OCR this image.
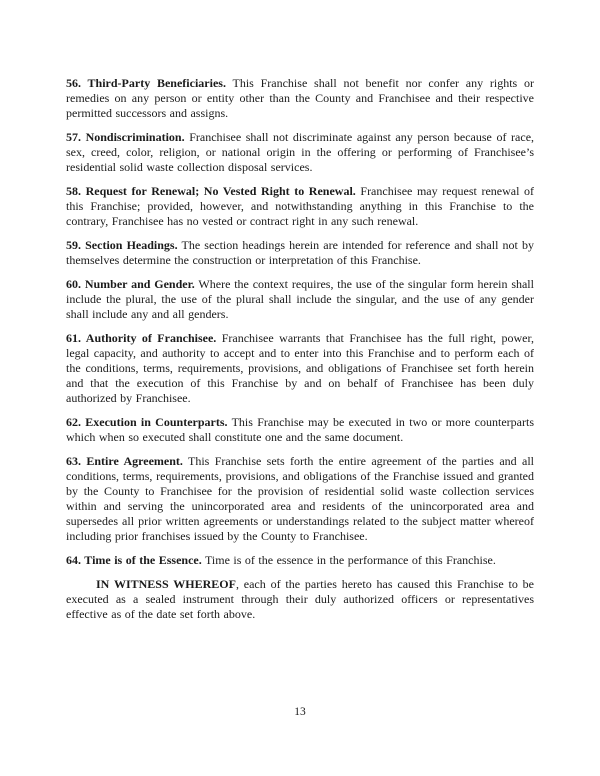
56. Third-Party Beneficiaries. This Franchise shall not benefit nor confer any rights or remedies on any person or entity other than the County and Franchisee and their respective permitted successors and assigns.

57. Nondiscrimination. Franchisee shall not discriminate against any person because of race, sex, creed, color, religion, or national origin in the offering or performing of Franchisee’s residential solid waste collection disposal services.

58. Request for Renewal; No Vested Right to Renewal. Franchisee may request renewal of this Franchise; provided, however, and notwithstanding anything in this Franchise to the contrary, Franchisee has no vested or contract right in any such renewal.

59. Section Headings. The section headings herein are intended for reference and shall not by themselves determine the construction or interpretation of this Franchise.

60. Number and Gender. Where the context requires, the use of the singular form herein shall include the plural, the use of the plural shall include the singular, and the use of any gender shall include any and all genders.

61. Authority of Franchisee. Franchisee warrants that Franchisee has the full right, power, legal capacity, and authority to accept and to enter into this Franchise and to perform each of the conditions, terms, requirements, provisions, and obligations of Franchisee set forth herein and that the execution of this Franchise by and on behalf of Franchisee has been duly authorized by Franchisee.

62. Execution in Counterparts. This Franchise may be executed in two or more counterparts which when so executed shall constitute one and the same document.

63. Entire Agreement. This Franchise sets forth the entire agreement of the parties and all conditions, terms, requirements, provisions, and obligations of the Franchise issued and granted by the County to Franchisee for the provision of residential solid waste collection services within and serving the unincorporated area and residents of the unincorporated area and supersedes all prior written agreements or understandings related to the subject matter whereof including prior franchises issued by the County to Franchisee.

64. Time is of the Essence. Time is of the essence in the performance of this Franchise.

IN WITNESS WHEREOF, each of the parties hereto has caused this Franchise to be executed as a sealed instrument through their duly authorized officers or representatives effective as of the date set forth above.

13
